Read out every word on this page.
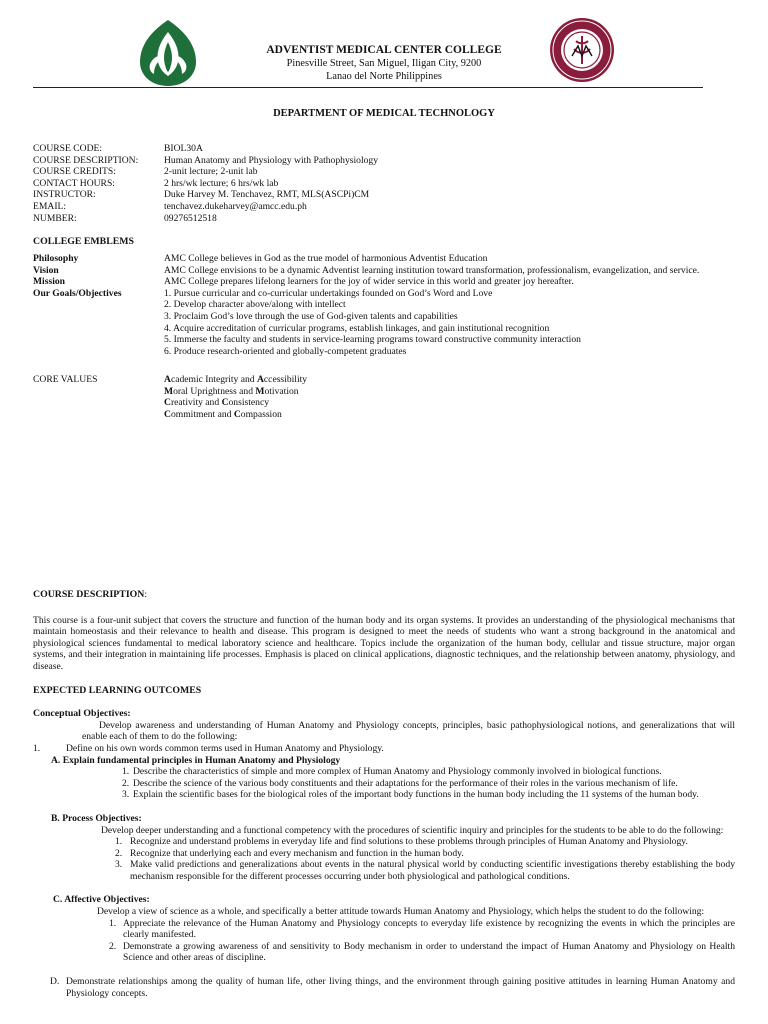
ADVENTIST MEDICAL CENTER COLLEGE
Pinesville Street, San Miguel, Iligan City, 9200
Lanao del Norte Philippines
DEPARTMENT OF MEDICAL TECHNOLOGY
COURSE CODE:	BIOL30A
COURSE DESCRIPTION:	Human Anatomy and Physiology with Pathophysiology
COURSE CREDITS:	2-unit lecture; 2-unit lab
CONTACT HOURS:	2 hrs/wk lecture; 6 hrs/wk lab
INSTRUCTOR:	Duke Harvey M. Tenchavez, RMT, MLS(ASCPi)CM
EMAIL:	tenchavez.dukeharvey@amcc.edu.ph
NUMBER:	09276512518
COLLEGE EMBLEMS
Philosophy	AMC College believes in God as the true model of harmonious Adventist Education
Vision	AMC College envisions to be a dynamic Adventist learning institution toward transformation, professionalism, evangelization, and service.
Mission	AMC College prepares lifelong learners for the joy of wider service in this world and greater joy hereafter.
Our Goals/Objectives	1. Pursue curricular and co-curricular undertakings founded on God’s Word and Love
2. Develop character above/along with intellect
3. Proclaim God’s love through the use of God-given talents and capabilities
4. Acquire accreditation of curricular programs, establish linkages, and gain institutional recognition
5. Immerse the faculty and students in service-learning programs toward constructive community interaction
6. Produce research-oriented and globally-competent graduates
CORE VALUES	Academic Integrity and Accessibility
Moral Uprightness and Motivation
Creativity and Consistency
Commitment and Compassion
COURSE DESCRIPTION:
This course is a four-unit subject that covers the structure and function of the human body and its organ systems. It provides an understanding of the physiological mechanisms that maintain homeostasis and their relevance to health and disease. This program is designed to meet the needs of students who want a strong background in the anatomical and physiological sciences fundamental to medical laboratory science and healthcare. Topics include the organization of the human body, cellular and tissue structure, major organ systems, and their integration in maintaining life processes. Emphasis is placed on clinical applications, diagnostic techniques, and the relationship between anatomy, physiology, and disease.
EXPECTED LEARNING OUTCOMES
Conceptual Objectives:
Develop awareness and understanding of Human Anatomy and Physiology concepts, principles, basic pathophysiological notions, and generalizations that will enable each of them to do the following:
1.	Define on his own words common terms used in Human Anatomy and Physiology.
A. Explain fundamental principles in Human Anatomy and Physiology
1. Describe the characteristics of simple and more complex of Human Anatomy and Physiology commonly involved in biological functions.
2. Describe the science of the various body constituents and their adaptations for the performance of their roles in the various mechanism of life.
3. Explain the scientific bases for the biological roles of the important body functions in the human body including the 11 systems of the human body.
B. Process Objectives:
Develop deeper understanding and a functional competency with the procedures of scientific inquiry and principles for the students to be able to do the following:
1. Recognize and understand problems in everyday life and find solutions to these problems through principles of Human Anatomy and Physiology.
2. Recognize that underlying each and every mechanism and function in the human body.
3. Make valid predictions and generalizations about events in the natural physical world by conducting scientific investigations thereby establishing the body mechanism responsible for the different processes occurring under both physiological and pathological conditions.
C. Affective Objectives:
Develop a view of science as a whole, and specifically a better attitude towards Human Anatomy and Physiology, which helps the student to do the following:
1. Appreciate the relevance of the Human Anatomy and Physiology concepts to everyday life existence by recognizing the events in which the principles are clearly manifested.
2. Demonstrate a growing awareness of and sensitivity to Body mechanism in order to understand the impact of Human Anatomy and Physiology on Health Science and other areas of discipline.
D. Demonstrate relationships among the quality of human life, other living things, and the environment through gaining positive attitudes in learning Human Anatomy and Physiology concepts.
